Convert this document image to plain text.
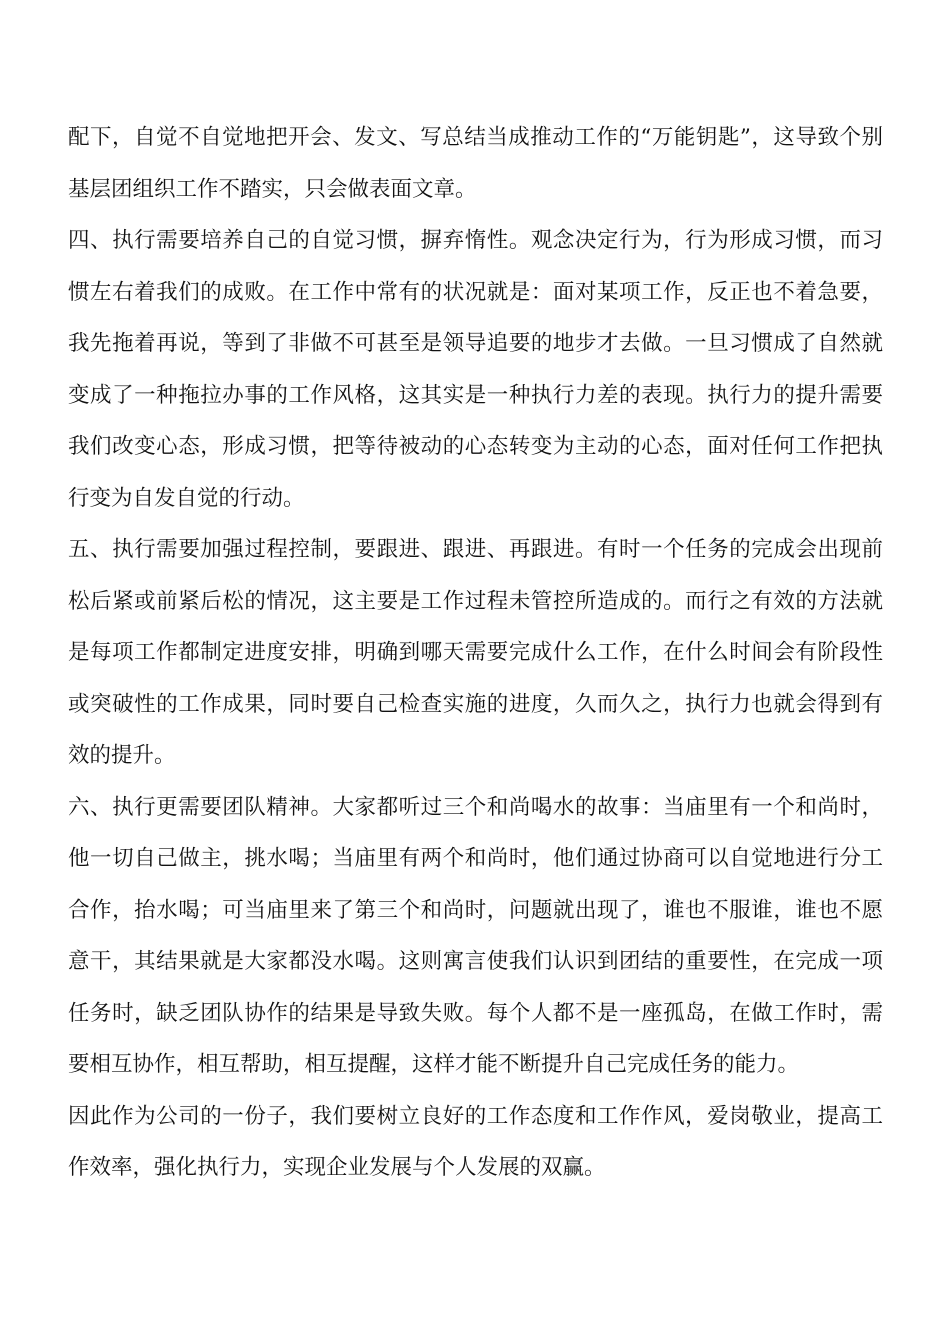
配下，自觉不自觉地把开会、发文、写总结当成推动工作的“万能钥匙”，这导致个别基层团组织工作不踏实，只会做表面文章。

四、执行需要培养自己的自觉习惯，摒弃惰性。观念决定行为，行为形成习惯，而习惯左右着我们的成败。在工作中常有的状况就是：面对某项工作，反正也不着急要，我先拖着再说，等到了非做不可甚至是领导追要的地步才去做。一旦习惯成了自然就变成了一种拖拉办事的工作风格，这其实是一种执行力差的表现。执行力的提升需要我们改变心态，形成习惯，把等待被动的心态转变为主动的心态，面对任何工作把执行变为自发自觉的行动。

五、执行需要加强过程控制，要跟进、跟进、再跟进。有时一个任务的完成会出现前松后紧或前紧后松的情况，这主要是工作过程未管控所造成的。而行之有效的方法就是每项工作都制定进度安排，明确到哪天需要完成什么工作，在什么时间会有阶段性或突破性的工作成果，同时要自己检查实施的进度，久而久之，执行力也就会得到有效的提升。

六、执行更需要团队精神。大家都听过三个和尚喝水的故事：当庙里有一个和尚时，他一切自己做主，挑水喝；当庙里有两个和尚时，他们通过协商可以自觉地进行分工合作，抬水喝；可当庙里来了第三个和尚时，问题就出现了，谁也不服谁，谁也不愿意干，其结果就是大家都没水喝。这则寓言使我们认识到团结的重要性，在完成一项任务时，缺乏团队协作的结果是导致失败。每个人都不是一座孤岛，在做工作时，需要相互协作，相互帮助，相互提醒，这样才能不断提升自己完成任务的能力。

因此作为公司的一份子，我们要树立良好的工作态度和工作作风，爱岗敬业，提高工作效率，强化执行力，实现企业发展与个人发展的双赢。
